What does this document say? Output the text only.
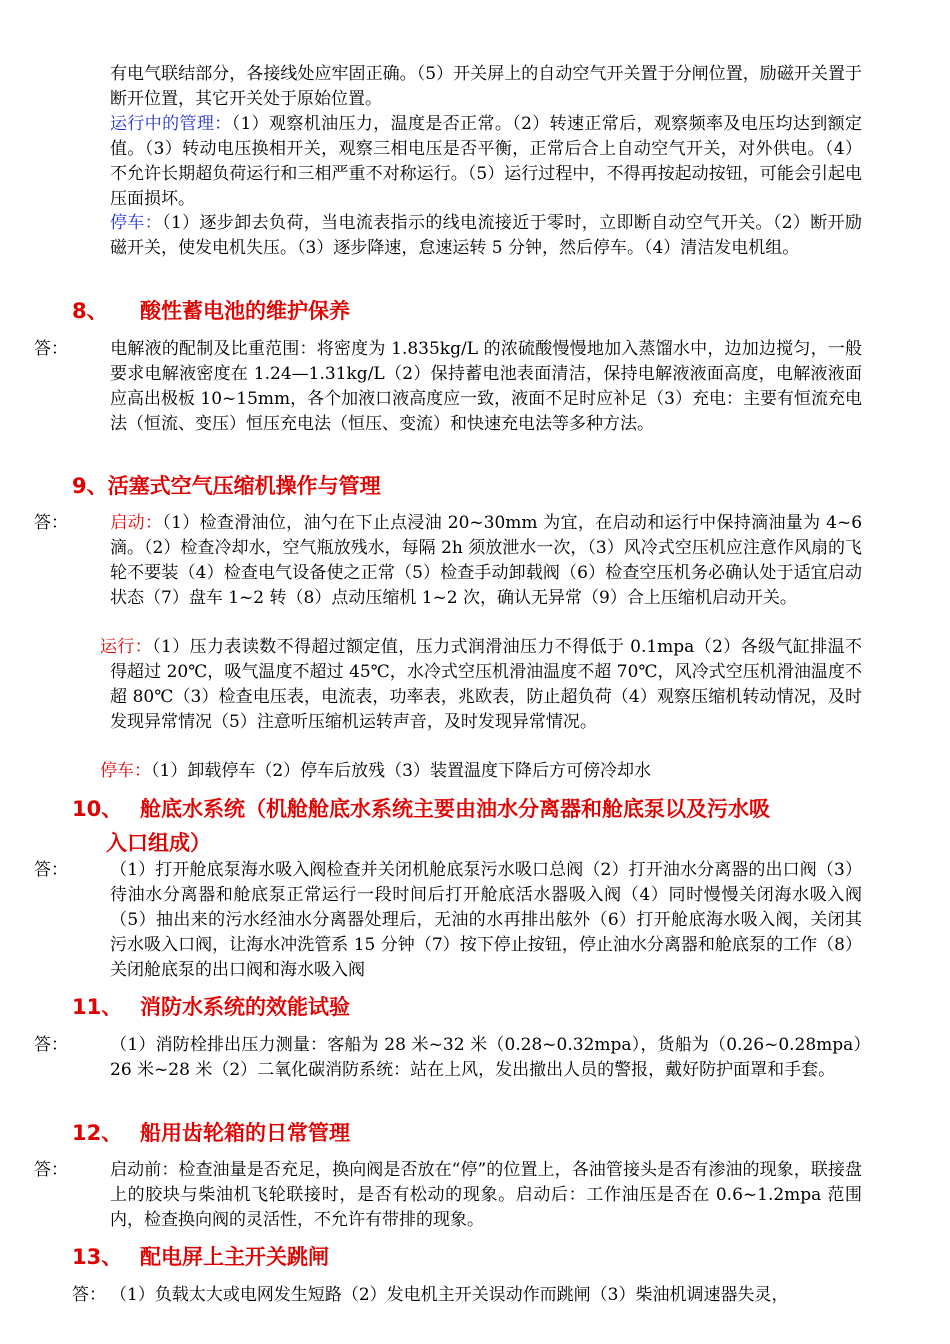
有电气联结部分，各接线处应牢固正确。（5）开关屏上的自动空气开关置于分闸位置，励磁开关置于断开位置，其它开关处于原始位置。

运行中的管理：（1）观察机油压力，温度是否正常。（2）转速正常后，观察频率及电压均达到额定值。（3）转动电压换相开关，观察三相电压是否平衡，正常后合上自动空气开关，对外供电。（4）不允许长期超负荷运行和三相严重不对称运行。（5）运行过程中，不得再按起动按钮，可能会引起电压面损坏。

停车：（1）逐步卸去负荷，当电流表指示的线电流接近于零时，立即断自动空气开关。（2）断开励磁开关，使发电机失压。（3）逐步降速，怠速运转 5 分钟，然后停车。（4）清洁发电机组。

8、 酸性蓄电池的维护保养

答： 电解液的配制及比重范围：将密度为 1.835kg/L 的浓硫酸慢慢地加入蒸馏水中，边加边搅匀，一般要求电解液密度在 1.24—1.31kg/L（2）保持蓄电池表面清洁，保持电解液液面高度，电解液液面应高出极板 10~15mm，各个加液口液高度应一致，液面不足时应补足（3）充电：主要有恒流充电法（恒流、变压）恒压充电法（恒压、变流）和快速充电法等多种方法。

9、活塞式空气压缩机操作与管理

答： 启动：（1）检查滑油位，油勺在下止点浸油 20~30mm 为宜，在启动和运行中保持滴油量为 4~6 滴。（2）检查冷却水，空气瓶放残水，每隔 2h 须放泄水一次，（3）风冷式空压机应注意作风扇的飞轮不要装（4）检查电气设备使之正常（5）检查手动卸载阀（6）检查空压机务必确认处于适宜启动状态（7）盘车 1~2 转（8）点动压缩机 1~2 次，确认无异常（9）合上压缩机启动开关。

运行：（1）压力表读数不得超过额定值，压力式润滑油压力不得低于 0.1mpa（2）各级气缸排温不得超过 20℃，吸气温度不超过 45℃，水冷式空压机滑油温度不超 70℃，风冷式空压机滑油温度不超 80℃（3）检查电压表，电流表，功率表，兆欧表，防止超负荷（4）观察压缩机转动情况，及时发现异常情况（5）注意听压缩机运转声音，及时发现异常情况。

停车：（1）卸载停车（2）停车后放残（3）装置温度下降后方可傍冷却水

10、 舱底水系统（机舱舱底水系统主要由油水分离器和舱底泵以及污水吸
入口组成）

答： （1）打开舱底泵海水吸入阀检查并关闭机舱底泵污水吸口总阀（2）打开油水分离器的出口阀（3）待油水分离器和舱底泵正常运行一段时间后打开舱底活水器吸入阀（4）同时慢慢关闭海水吸入阀（5）抽出来的污水经油水分离器处理后，无油的水再排出舷外（6）打开舱底海水吸入阀，关闭其污水吸入口阀，让海水冲洗管系 15 分钟（7）按下停止按钮，停止油水分离器和舱底泵的工作（8）关闭舱底泵的出口阀和海水吸入阀

11、 消防水系统的效能试验

答： （1）消防栓排出压力测量：客船为 28 米~32 米（0.28~0.32mpa），货船为（0.26~0.28mpa）26 米~28 米（2）二氧化碳消防系统：站在上风，发出撤出人员的警报，戴好防护面罩和手套。

12、 船用齿轮箱的日常管理

答： 启动前：检查油量是否充足，换向阀是否放在“停”的位置上，各油管接头是否有渗油的现象，联接盘上的胶块与柴油机飞轮联接时，是否有松动的现象。启动后：工作油压是否在 0.6~1.2mpa 范围内，检查换向阀的灵活性，不允许有带排的现象。

13、 配电屏上主开关跳闸

答： （1）负载太大或电网发生短路（2）发电机主开关误动作而跳闸（3）柴油机调速器失灵，
